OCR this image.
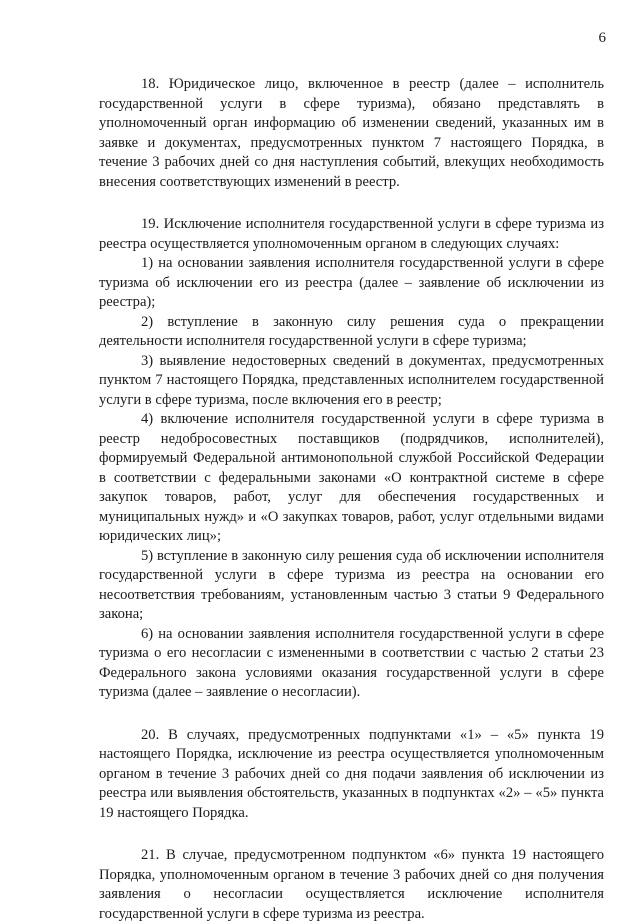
6

18. Юридическое лицо, включенное в реестр (далее – исполнитель государственной услуги в сфере туризма), обязано представлять в уполномоченный орган информацию об изменении сведений, указанных им в заявке и документах, предусмотренных пунктом 7 настоящего Порядка, в течение 3 рабочих дней со дня наступления событий, влекущих необходимость внесения соответствующих изменений в реестр.

19. Исключение исполнителя государственной услуги в сфере туризма из реестра осуществляется уполномоченным органом в следующих случаях:

1) на основании заявления исполнителя государственной услуги в сфере туризма об исключении его из реестра (далее – заявление об исключении из реестра);

2) вступление в законную силу решения суда о прекращении деятельности исполнителя государственной услуги в сфере туризма;

3) выявление недостоверных сведений в документах, предусмотренных пунктом 7 настоящего Порядка, представленных исполнителем государственной услуги в сфере туризма, после включения его в реестр;

4) включение исполнителя государственной услуги в сфере туризма в реестр недобросовестных поставщиков (подрядчиков, исполнителей), формируемый Федеральной антимонопольной службой Российской Федерации в соответствии с федеральными законами «О контрактной системе в сфере закупок товаров, работ, услуг для обеспечения государственных и муниципальных нужд» и «О закупках товаров, работ, услуг отдельными видами юридических лиц»;

5) вступление в законную силу решения суда об исключении исполнителя государственной услуги в сфере туризма из реестра на основании его несоответствия требованиям, установленным частью 3 статьи 9 Федерального закона;

6) на основании заявления исполнителя государственной услуги в сфере туризма о его несогласии с измененными в соответствии с частью 2 статьи 23 Федерального закона условиями оказания государственной услуги в сфере туризма (далее – заявление о несогласии).

20. В случаях, предусмотренных подпунктами «1» – «5» пункта 19 настоящего Порядка, исключение из реестра осуществляется уполномоченным органом в течение 3 рабочих дней со дня подачи заявления об исключении из реестра или выявления обстоятельств, указанных в подпунктах «2» – «5» пункта 19 настоящего Порядка.

21. В случае, предусмотренном подпунктом «6» пункта 19 настоящего Порядка, уполномоченным органом в течение 3 рабочих дней со дня получения заявления о несогласии осуществляется исключение исполнителя государственной услуги в сфере туризма из реестра.
